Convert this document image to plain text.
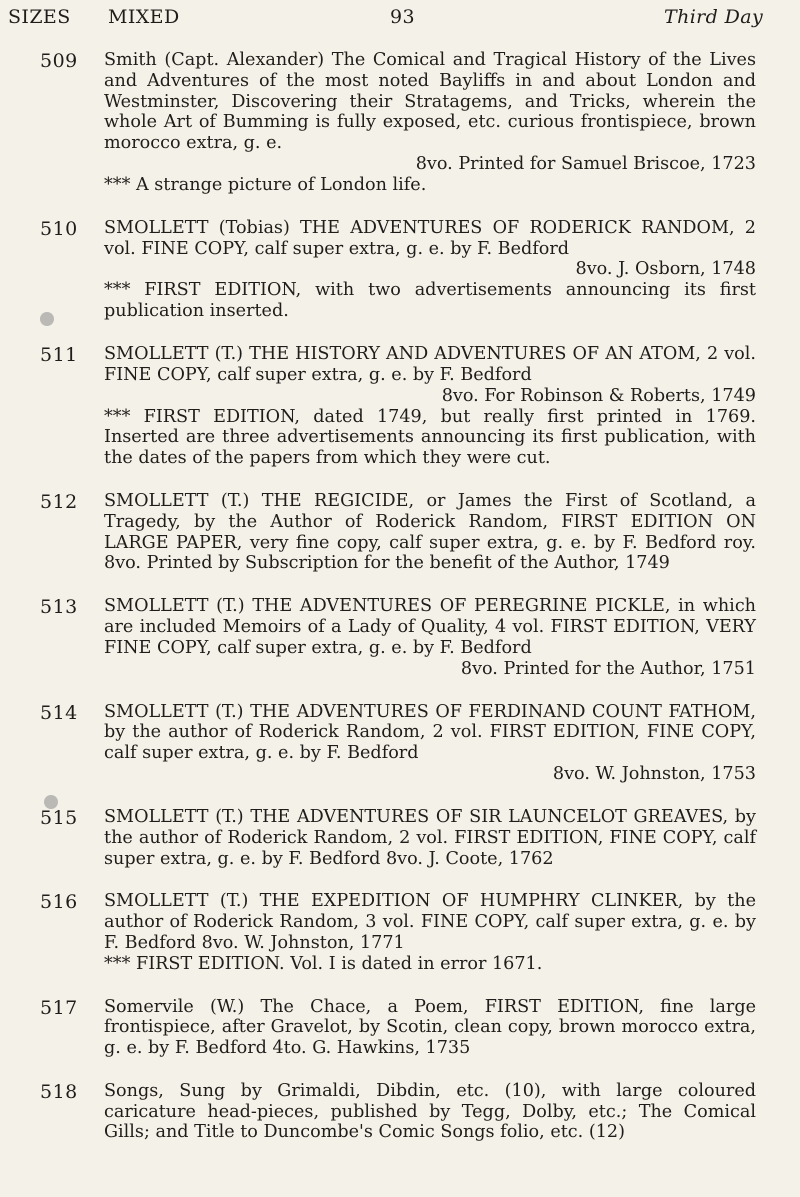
SIZES MIXED	93	Third Day
509 Smith (Capt. Alexander) The Comical and Tragical History of the Lives and Adventures of the most noted Bayliffs in and about London and Westminster, Discovering their Stratagems, and Tricks, wherein the whole Art of Bumming is fully exposed, etc. curious frontispiece, brown morocco extra, g. e.
8vo. Printed for Samuel Briscoe, 1723
*** A strange picture of London life.
510 SMOLLETT (Tobias) THE ADVENTURES OF RODERICK RANDOM, 2 vol. FINE COPY, calf super extra, g. e. by F. Bedford
8vo. J. Osborn, 1748
*** FIRST EDITION, with two advertisements announcing its first publication inserted.
511 SMOLLETT (T.) THE HISTORY AND ADVENTURES OF AN ATOM, 2 vol. FINE COPY, calf super extra, g. e. by F. Bedford
8vo. For Robinson & Roberts, 1749
*** FIRST EDITION, dated 1749, but really first printed in 1769. Inserted are three advertisements announcing its first publication, with the dates of the papers from which they were cut.
512 SMOLLETT (T.) THE REGICIDE, or James the First of Scotland, a Tragedy, by the Author of Roderick Random, FIRST EDITION ON LARGE PAPER, very fine copy, calf super extra, g. e. by F. Bedford roy. 8vo. Printed by Subscription for the benefit of the Author, 1749
513 SMOLLETT (T.) THE ADVENTURES OF PEREGRINE PICKLE, in which are included Memoirs of a Lady of Quality, 4 vol. FIRST EDITION, VERY FINE COPY, calf super extra, g. e. by F. Bedford
8vo. Printed for the Author, 1751
514 SMOLLETT (T.) THE ADVENTURES OF FERDINAND COUNT FATHOM, by the author of Roderick Random, 2 vol. FIRST EDITION, FINE COPY, calf super extra, g. e. by F. Bedford
8vo. W. Johnston, 1753
515 SMOLLETT (T.) THE ADVENTURES OF SIR LAUNCELOT GREAVES, by the author of Roderick Random, 2 vol. FIRST EDITION, FINE COPY, calf super extra, g. e. by F. Bedford 8vo. J. Coote, 1762
516 SMOLLETT (T.) THE EXPEDITION OF HUMPHRY CLINKER, by the author of Roderick Random, 3 vol. FINE COPY, calf super extra, g. e. by F. Bedford 8vo. W. Johnston, 1771
*** FIRST EDITION. Vol. I is dated in error 1671.
517 Somervile (W.) The Chace, a Poem, FIRST EDITION, fine large frontispiece, after Gravelot, by Scotin, clean copy, brown morocco extra, g. e. by F. Bedford 4to. G. Hawkins, 1735
518 Songs, Sung by Grimaldi, Dibdin, etc. (10), with large coloured caricature head-pieces, published by Tegg, Dolby, etc.; The Comical Gills; and Title to Duncombe's Comic Songs folio, etc. (12)
